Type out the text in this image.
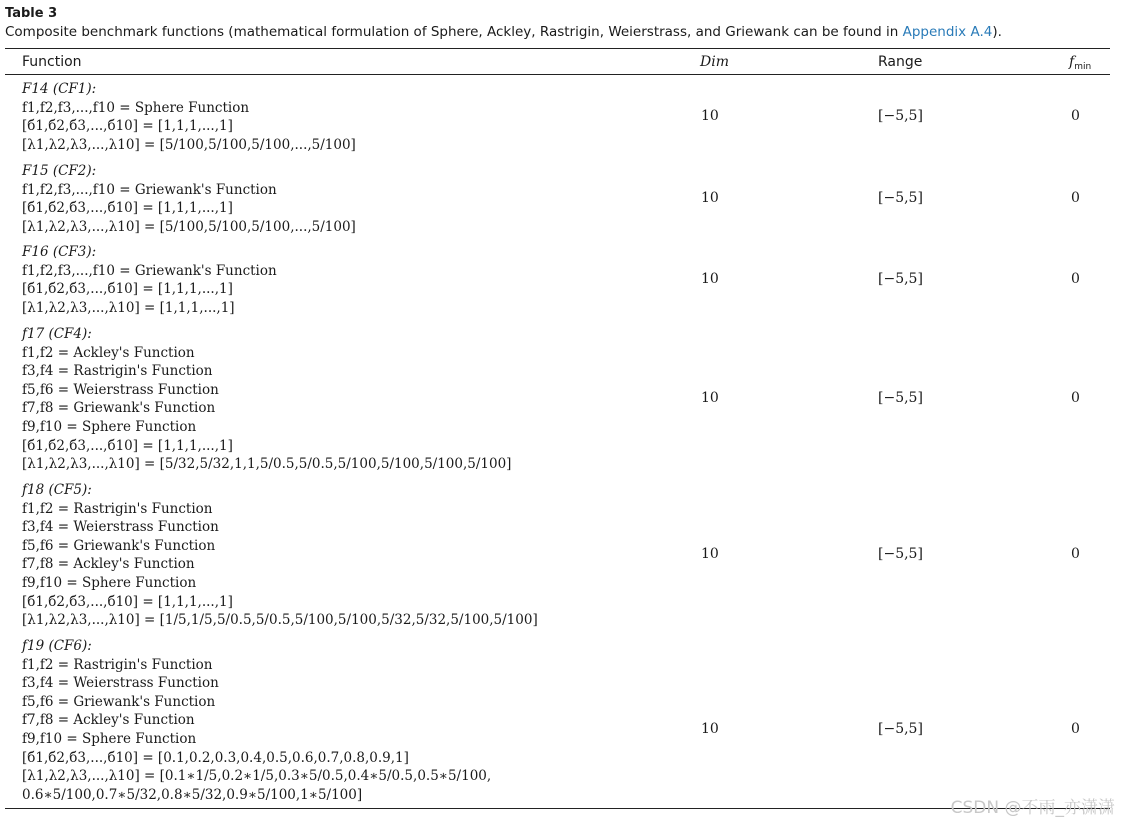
Table 3
Composite benchmark functions (mathematical formulation of Sphere, Ackley, Rastrigin, Weierstrass, and Griewank can be found in Appendix A.4).
Function	Dim	Range	$f_{min}$
F14 (CF1):
f1,f2,f3,...,f10 = Sphere Function
[б1,б2,б3,...,б10] = [1,1,1,...,1]
[λ1,λ2,λ3,...,λ10] = [5/100,5/100,5/100,...,5/100]
10	[−5,5]	0
F15 (CF2):
f1,f2,f3,...,f10 = Griewank's Function
[б1,б2,б3,...,б10] = [1,1,1,...,1]
[λ1,λ2,λ3,...,λ10] = [5/100,5/100,5/100,...,5/100]
10	[−5,5]	0
F16 (CF3):
f1,f2,f3,...,f10 = Griewank's Function
[б1,б2,б3,...,б10] = [1,1,1,...,1]
[λ1,λ2,λ3,...,λ10] = [1,1,1,...,1]
10	[−5,5]	0
f17 (CF4):
f1,f2 = Ackley's Function
f3,f4 = Rastrigin's Function
f5,f6 = Weierstrass Function
f7,f8 = Griewank's Function
f9,f10 = Sphere Function
[б1,б2,б3,...,б10] = [1,1,1,...,1]
[λ1,λ2,λ3,...,λ10] = [5/32,5/32,1,1,5/0.5,5/0.5,5/100,5/100,5/100,5/100]
10	[−5,5]	0
f18 (CF5):
f1,f2 = Rastrigin's Function
f3,f4 = Weierstrass Function
f5,f6 = Griewank's Function
f7,f8 = Ackley's Function
f9,f10 = Sphere Function
[б1,б2,б3,...,б10] = [1,1,1,...,1]
[λ1,λ2,λ3,...,λ10] = [1/5,1/5,5/0.5,5/0.5,5/100,5/100,5/32,5/32,5/100,5/100]
10	[−5,5]	0
f19 (CF6):
f1,f2 = Rastrigin's Function
f3,f4 = Weierstrass Function
f5,f6 = Griewank's Function
f7,f8 = Ackley's Function
f9,f10 = Sphere Function
[б1,б2,б3,...,б10] = [0.1,0.2,0.3,0.4,0.5,0.6,0.7,0.8,0.9,1]
[λ1,λ2,λ3,...,λ10] = [0.1∗1/5,0.2∗1/5,0.3∗5/0.5,0.4∗5/0.5,0.5∗5/100,
0.6∗5/100,0.7∗5/32,0.8∗5/32,0.9∗5/100,1∗5/100]
10	[−5,5]	0
CSDN @不雨_亦潇潇
